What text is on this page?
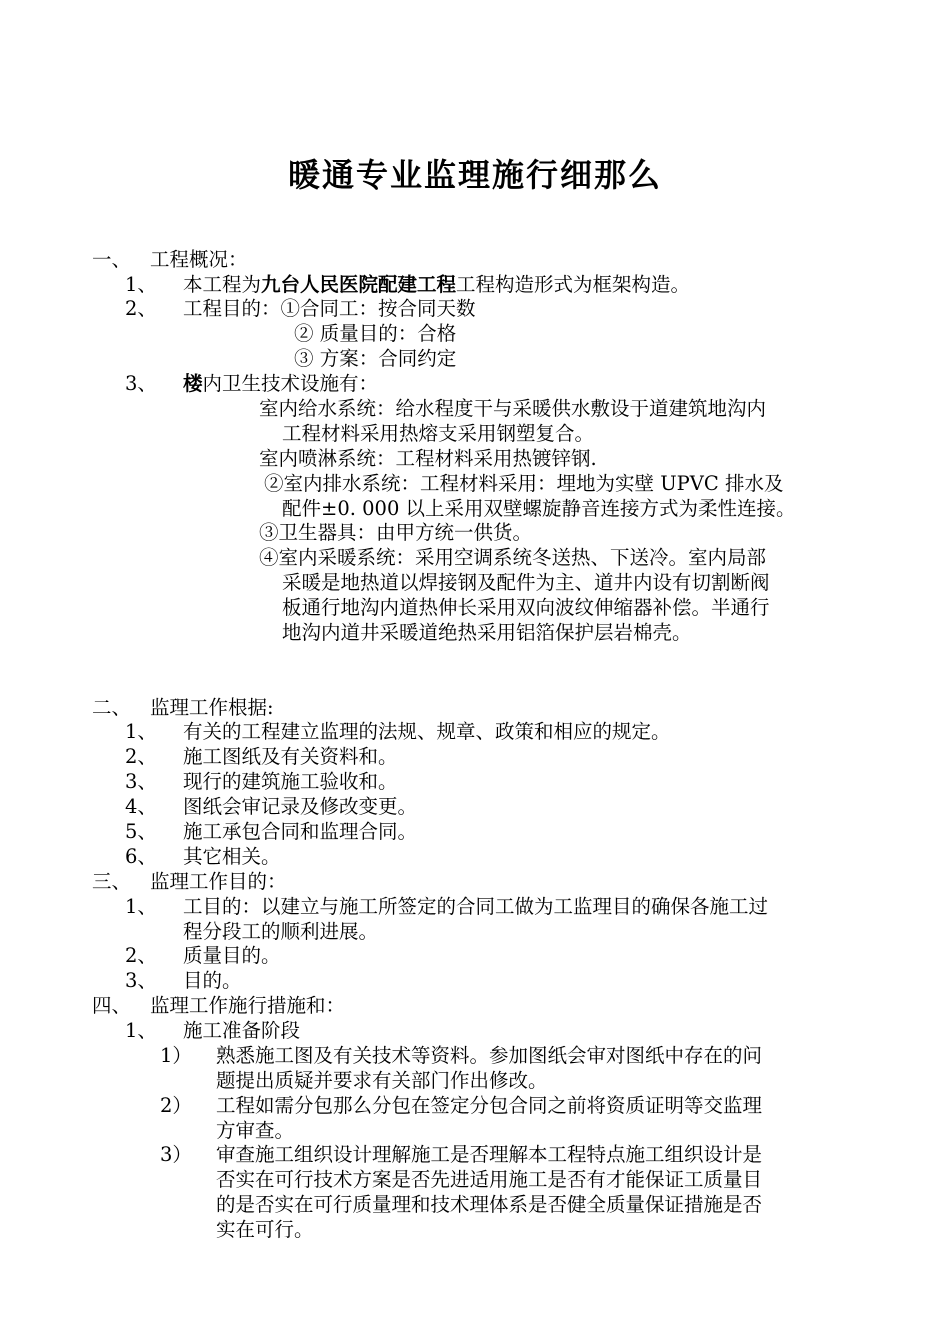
暖通专业监理施行细那么
一、 工程概况：
1、 本工程为九台人民医院配建工程工程构造形式为框架构造。
2、 工程目的：①合同工：按合同天数
② 质量目的：合格
③ 方案：合同约定
3、 楼内卫生技术设施有：
室内给水系统：给水程度干与采暖供水敷设于道建筑地沟内
工程材料采用热熔支采用钢塑复合。
室内喷淋系统：工程材料采用热镀锌钢.
②室内排水系统：工程材料采用：埋地为实壁 UPVC 排水及
配件±0. 000 以上采用双壁螺旋静音连接方式为柔性连接。
③卫生器具：由甲方统一供货。
④室内采暖系统：采用空调系统冬送热、下送冷。室内局部
采暖是地热道以焊接钢及配件为主、道井内设有切割断阀
板通行地沟内道热伸长采用双向波纹伸缩器补偿。半通行
地沟内道井采暖道绝热采用铝箔保护层岩棉壳。
二、 监理工作根据:
1、 有关的工程建立监理的法规、规章、政策和相应的规定。
2、 施工图纸及有关资料和。
3、 现行的建筑施工验收和。
4、 图纸会审记录及修改变更。
5、 施工承包合同和监理合同。
6、 其它相关。
三、 监理工作目的：
1、 工目的：以建立与施工所签定的合同工做为工监理目的确保各施工过
程分段工的顺利进展。
2、 质量目的。
3、 目的。
四、 监理工作施行措施和：
1、 施工准备阶段
1） 熟悉施工图及有关技术等资料。参加图纸会审对图纸中存在的问
题提出质疑并要求有关部门作出修改。
2） 工程如需分包那么分包在签定分包合同之前将资质证明等交监理
方审查。
3） 审查施工组织设计理解施工是否理解本工程特点施工组织设计是
否实在可行技术方案是否先进适用施工是否有才能保证工质量目
的是否实在可行质量理和技术理体系是否健全质量保证措施是否
实在可行。
